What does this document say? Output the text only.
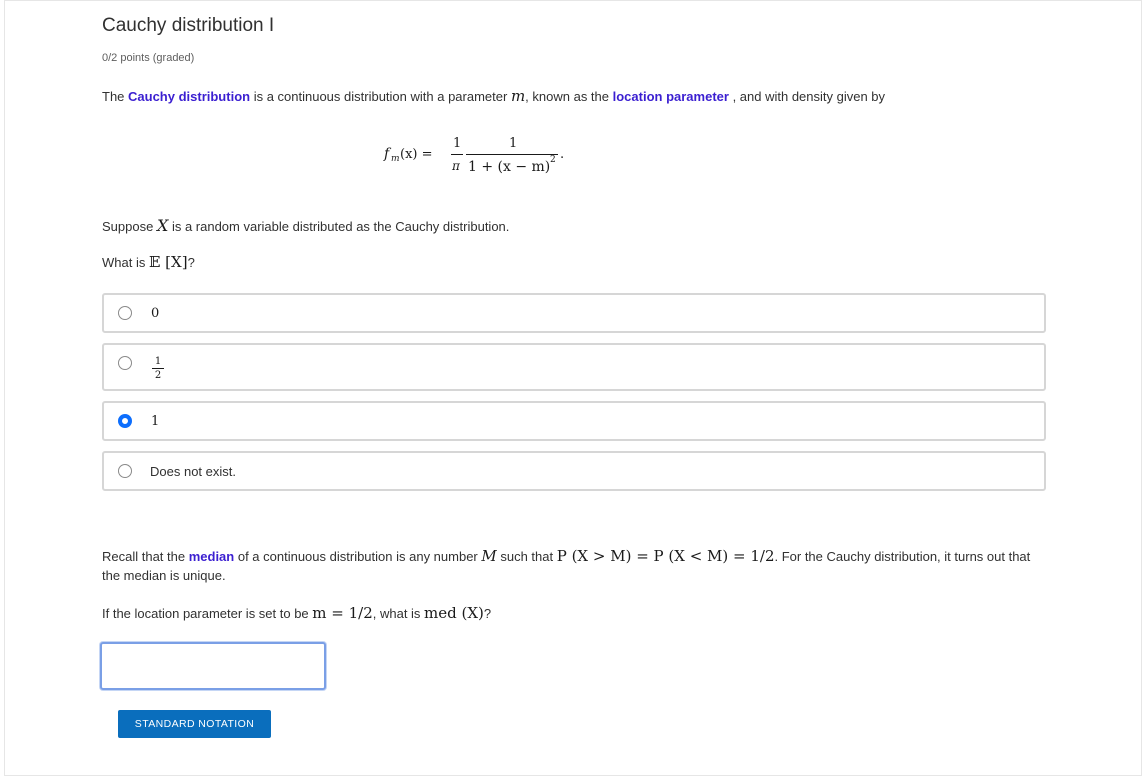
Cauchy distribution I
0/2 points (graded)
The Cauchy distribution is a continuous distribution with a parameter m, known as the location parameter , and with density given by
f m (x) =
1
π
1
1 + (x − m) 2 .
Suppose X is a random variable distributed as the Cauchy distribution.
What is 𝔼 [X]?
0
1
2
1
Does not exist.
Recall that the median of a continuous distribution is any number M such that P (X > M) = P (X < M) = 1/2. For the Cauchy distribution, it turns out that the median is unique.
If the location parameter is set to be m = 1/2, what is med (X)?
STANDARD NOTATION
